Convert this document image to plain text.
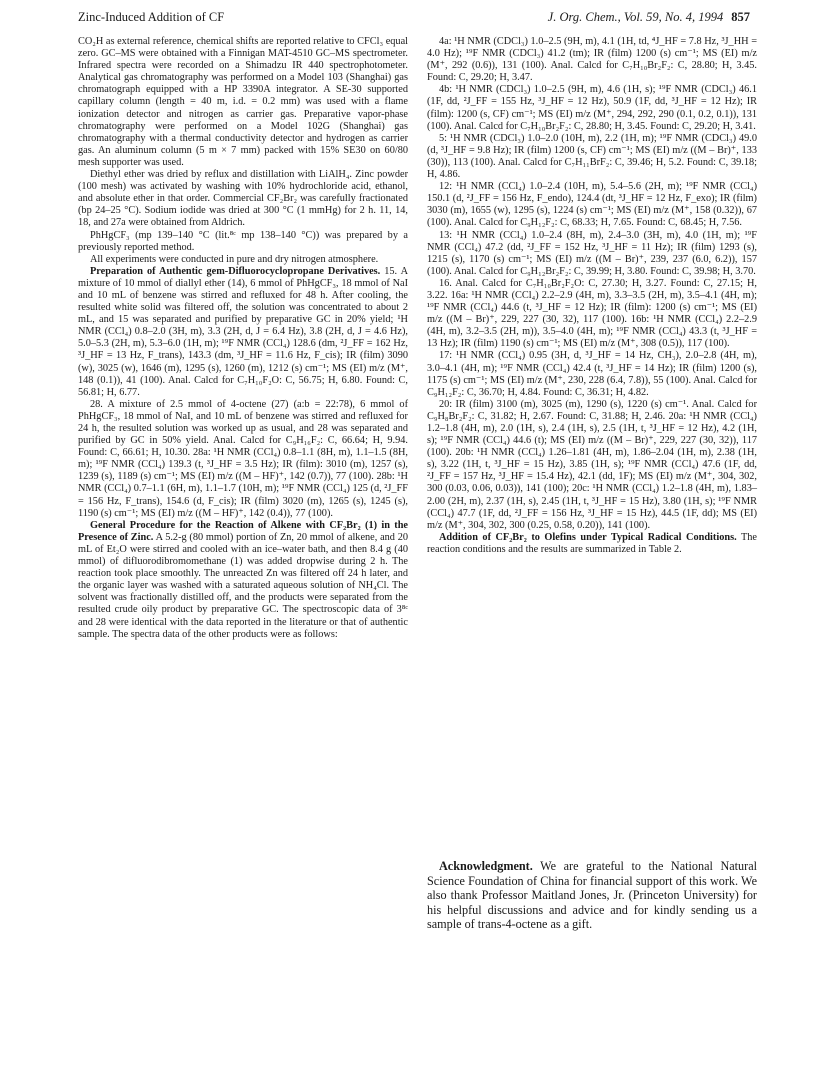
Zinc-Induced Addition of CF	J. Org. Chem., Vol. 59, No. 4, 1994 857

CO₂H as external reference, chemical shifts are reported relative to CFCl₃ equal zero. GC–MS were obtained with a Finnigan MAT-4510 GC–MS spectrometer. Infrared spectra were recorded on a Shimadzu IR 440 spectrophotometer. Analytical gas chromatography was performed on a Model 103 (Shanghai) gas chromatograph equipped with a HP 3390A integrator. A SE-30 supported capillary column (length = 40 m, i.d. = 0.2 mm) was used with a flame ionization detector and nitrogen as carrier gas. Preparative vapor-phase chromatography were performed on a Model 102G (Shanghai) gas chromatography with a thermal conductivity detector and hydrogen as carrier gas. An aluminum column (5 m × 7 mm) packed with 15% SE30 on 60/80 mesh supporter was used.

Diethyl ether was dried by reflux and distillation with LiAlH₄. Zinc powder (100 mesh) was activated by washing with 10% hydrochloride acid, ethanol, and absolute ether in that order. Commercial CF₂Br₂ was carefully fractionated (bp 24–25 °C). Sodium iodide was dried at 300 °C (1 mmHg) for 2 h. 11, 14, 18, and 27a were obtained from Aldrich.

PhHgCF₃ (mp 139–140 °C (lit.⁸ᶜ mp 138–140 °C)) was prepared by a previously reported method.

All experiments were conducted in pure and dry nitrogen atmosphere.

Preparation of Authentic gem-Difluorocyclopropane Derivatives. 15. A mixture of 10 mmol of diallyl ether (14), 6 mmol of PhHgCF₃, 18 mmol of NaI and 10 mL of benzene was stirred and refluxed for 48 h. After cooling, the resulted white solid was filtered off, the solution was concentrated to about 2 mL, and 15 was separated and purified by preparative GC in 20% yield; ¹H NMR (CCl₄) 0.8–2.0 (3H, m), 3.3 (2H, d, J = 6.4 Hz), 3.8 (2H, d, J = 4.6 Hz), 5.0–5.3 (2H, m), 5.3–6.0 (1H, m); ¹⁹F NMR (CCl₄) 128.6 (dm, ²J_FF = 162 Hz, ³J_HF = 13 Hz, F_trans), 143.3 (dm, ³J_HF = 11.6 Hz, F_cis); IR (film) 3090 (w), 3025 (w), 1646 (m), 1295 (s), 1260 (m), 1212 (s) cm⁻¹; MS (EI) m/z (M⁺, 148 (0.1)), 41 (100). Anal. Calcd for C₇H₁₀F₂O: C, 56.75; H, 6.80. Found: C, 56.81; H, 6.77.

28. A mixture of 2.5 mmol of 4-octene (27) (a:b = 22:78), 6 mmol of PhHgCF₃, 18 mmol of NaI, and 10 mL of benzene was stirred and refluxed for 24 h, the resulted solution was worked up as usual, and 28 was separated and purified by GC in 50% yield. Anal. Calcd for C₉H₁₆F₂: C, 66.64; H, 9.94. Found: C, 66.61; H, 10.30. 28a: ¹H NMR (CCl₄) 0.8–1.1 (8H, m), 1.1–1.5 (8H, m); ¹⁹F NMR (CCl₄) 139.3 (t, ³J_HF = 3.5 Hz); IR (film): 3010 (m), 1257 (s), 1239 (s), 1189 (s) cm⁻¹; MS (EI) m/z ((M – HF)⁺, 142 (0.7)), 77 (100). 28b: ¹H NMR (CCl₄) 0.7–1.1 (6H, m), 1.1–1.7 (10H, m); ¹⁹F NMR (CCl₄) 125 (d, ²J_FF = 156 Hz, F_trans), 154.6 (d, F_cis); IR (film) 3020 (m), 1265 (s), 1245 (s), 1190 (s) cm⁻¹; MS (EI) m/z ((M – HF)⁺, 142 (0.4)), 77 (100).

General Procedure for the Reaction of Alkene with CF₂Br₂ (1) in the Presence of Zinc. A 5.2-g (80 mmol) portion of Zn, 20 mmol of alkene, and 20 mL of Et₂O were stirred and cooled with an ice–water bath, and then 8.4 g (40 mmol) of difluorodibromomethane (1) was added dropwise during 2 h. The reaction took place smoothly. The unreacted Zn was filtered off 24 h later, and the organic layer was washed with a saturated aqueous solution of NH₄Cl. The solvent was fractionally distilled off, and the products were separated from the resulted crude oily product by preparative GC. The spectroscopic data of 3⁸ᶜ and 28 were identical with the data reported in the literature or that of authentic sample. The spectra data of the other products were as follows:

4a: ¹H NMR (CDCl₃) 1.0–2.5 (9H, m), 4.1 (1H, td, ⁴J_HF = 7.8 Hz, ³J_HH = 4.0 Hz); ¹⁹F NMR (CDCl₃) 41.2 (tm); IR (film) 1200 (s) cm⁻¹; MS (EI) m/z (M⁺, 292 (0.6)), 131 (100). Anal. Calcd for C₇H₁₀Br₂F₂: C, 28.80; H, 3.45. Found: C, 29.20; H, 3.47.

4b: ¹H NMR (CDCl₃) 1.0–2.5 (9H, m), 4.6 (1H, s); ¹⁹F NMR (CDCl₃) 46.1 (1F, dd, ²J_FF = 155 Hz, ³J_HF = 12 Hz), 50.9 (1F, dd, ³J_HF = 12 Hz); IR (film): 1200 (s, CF) cm⁻¹; MS (EI) m/z (M⁺, 294, 292, 290 (0.1, 0.2, 0.1)), 131 (100). Anal. Calcd for C₇H₁₀Br₂F₂: C, 28.80; H, 3.45. Found: C, 29.20; H, 3.41.

5: ¹H NMR (CDCl₃) 1.0–2.0 (10H, m), 2.2 (1H, m); ¹⁹F NMR (CDCl₃) 49.0 (d, ³J_HF = 9.8 Hz); IR (film) 1200 (s, CF) cm⁻¹; MS (EI) m/z ((M – Br)⁺, 133 (30)), 113 (100). Anal. Calcd for C₇H₁₁BrF₂: C, 39.46; H, 5.2. Found: C, 39.18; H, 4.86.

12: ¹H NMR (CCl₄) 1.0–2.4 (10H, m), 5.4–5.6 (2H, m); ¹⁹F NMR (CCl₄) 150.1 (d, ²J_FF = 156 Hz, F_endo), 124.4 (dt, ³J_HF = 12 Hz, F_exo); IR (film) 3030 (m), 1655 (w), 1295 (s), 1224 (s) cm⁻¹; MS (EI) m/z (M⁺, 158 (0.32)), 67 (100). Anal. Calcd for C₉H₁₂F₂: C, 68.33; H, 7.65. Found: C, 68.45; H, 7.56.

13: ¹H NMR (CCl₄) 1.0–2.4 (8H, m), 2.4–3.0 (3H, m), 4.0 (1H, m); ¹⁹F NMR (CCl₄) 47.2 (dd, ²J_FF = 152 Hz, ³J_HF = 11 Hz); IR (film) 1293 (s), 1215 (s), 1170 (s) cm⁻¹; MS (EI) m/z ((M – Br)⁺, 239, 237 (6.0, 6.2)), 157 (100). Anal. Calcd for C₉H₁₂Br₂F₂: C, 39.99; H, 3.80. Found: C, 39.98; H, 3.70.

16. Anal. Calcd for C₇H₁₀Br₂F₂O: C, 27.30; H, 3.27. Found: C, 27.15; H, 3.22. 16a: ¹H NMR (CCl₄) 2.2–2.9 (4H, m), 3.3–3.5 (2H, m), 3.5–4.1 (4H, m); ¹⁹F NMR (CCl₄) 44.6 (t, ³J_HF = 12 Hz); IR (film): 1200 (s) cm⁻¹; MS (EI) m/z ((M – Br)⁺, 229, 227 (30, 32), 117 (100). 16b: ¹H NMR (CCl₄) 2.2–2.9 (4H, m), 3.2–3.5 (2H, m)), 3.5–4.0 (4H, m); ¹⁹F NMR (CCl₄) 43.3 (t, ³J_HF = 13 Hz); IR (film) 1190 (s) cm⁻¹; MS (EI) m/z (M⁺, 308 (0.5)), 117 (100).

17: ¹H NMR (CCl₄) 0.95 (3H, d, ³J_HF = 14 Hz, CH₃), 2.0–2.8 (4H, m), 3.0–4.1 (4H, m); ¹⁹F NMR (CCl₄) 42.4 (t, ³J_HF = 14 Hz); IR (film) 1200 (s), 1175 (s) cm⁻¹; MS (EI) m/z (M⁺, 230, 228 (6.4, 7.8)), 55 (100). Anal. Calcd for C₉H₁₂F₂: C, 36.70; H, 4.84. Found: C, 36.31; H, 4.82.

20: IR (film) 3100 (m), 3025 (m), 1290 (s), 1220 (s) cm⁻¹. Anal. Calcd for C₉H₈Br₂F₂: C, 31.82; H, 2.67. Found: C, 31.88; H, 2.46. 20a: ¹H NMR (CCl₄) 1.2–1.8 (4H, m), 2.0 (1H, s), 2.4 (1H, s), 2.5 (1H, t, ³J_HF = 12 Hz), 4.2 (1H, s); ¹⁹F NMR (CCl₄) 44.6 (t); MS (EI) m/z ((M – Br)⁺, 229, 227 (30, 32)), 117 (100). 20b: ¹H NMR (CCl₄) 1.26–1.81 (4H, m), 1.86–2.04 (1H, m), 2.38 (1H, s), 3.22 (1H, t, ³J_HF = 15 Hz), 3.85 (1H, s); ¹⁹F NMR (CCl₄) 47.6 (1F, dd, ²J_FF = 157 Hz, ³J_HF = 15.4 Hz), 42.1 (dd, 1F); MS (EI) m/z (M⁺, 304, 302, 300 (0.03, 0.06, 0.03)), 141 (100); 20c: ¹H NMR (CCl₄) 1.2–1.8 (4H, m), 1.83–2.00 (2H, m), 2.37 (1H, s), 2.45 (1H, t, ³J_HF = 15 Hz), 3.80 (1H, s); ¹⁹F NMR (CCl₄) 47.7 (1F, dd, ²J_FF = 156 Hz, ³J_HF = 15 Hz), 44.5 (1F, dd); MS (EI) m/z (M⁺, 304, 302, 300 (0.25, 0.58, 0.20)), 141 (100).

Addition of CF₂Br₂ to Olefins under Typical Radical Conditions. The reaction conditions and the results are summarized in Table 2.

Acknowledgment. We are grateful to the National Natural Science Foundation of China for financial support of this work. We also thank Professor Maitland Jones, Jr. (Princeton University) for his helpful discussions and advice and for kindly sending us a sample of trans-4-octene as a gift.
